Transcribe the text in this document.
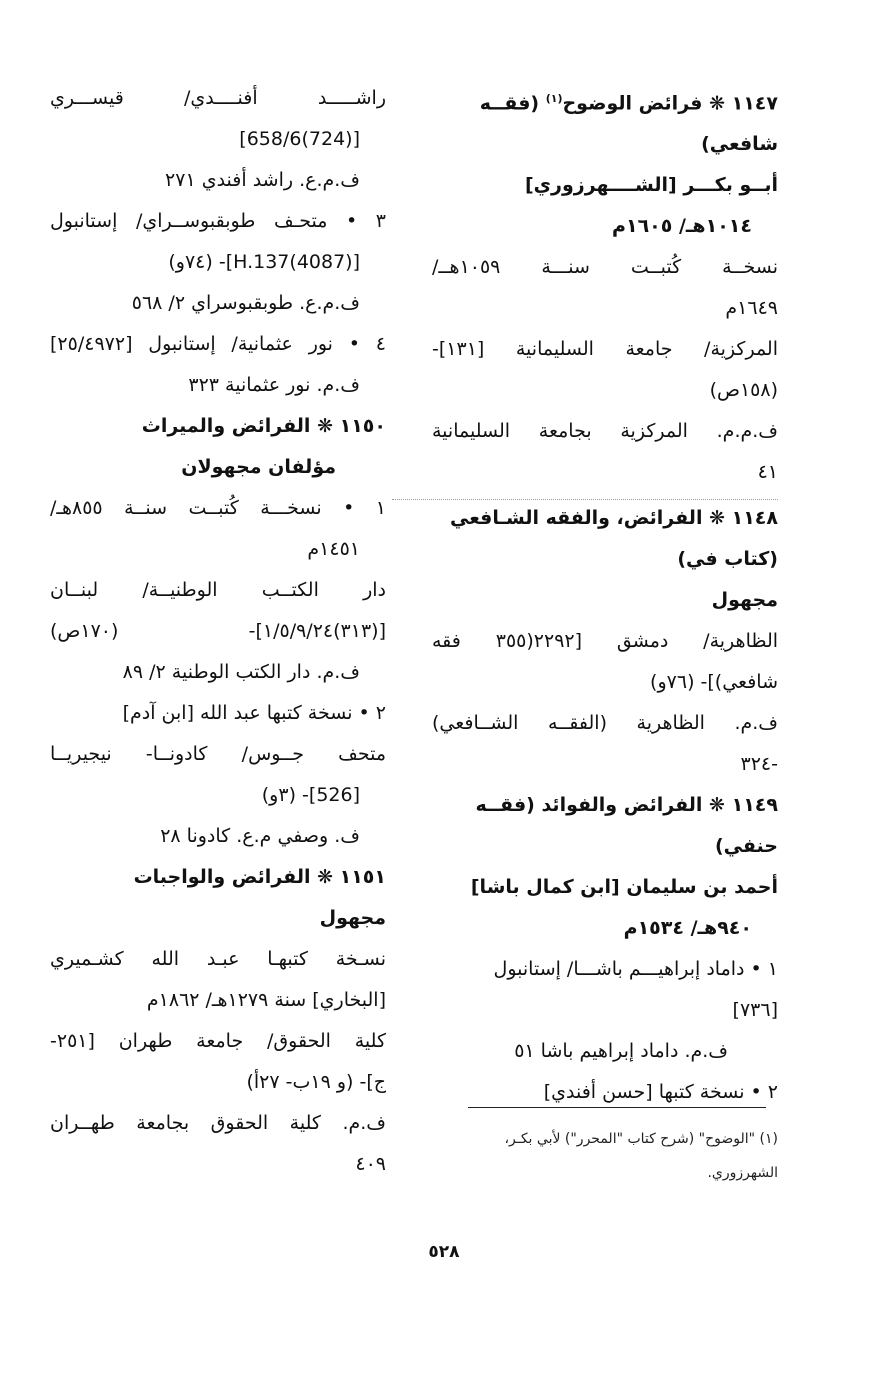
١١٤٧ ❋ فرائض الوضوح$^{(١)}$ (فقــه
شافعي)
أبــو بكـــر [الشــــهرزوري]
١٠١٤هـ/ ١٦٠٥م
نسخــة كُتبــت سنـــة ١٠٥٩هــ/
١٦٤٩م
المركزية/ جامعة السليمانية [١٣١]-
(١٥٨ص)
ف.م.م. المركزية بجامعة السليمانية
٤١
١١٤٨ ❋ الفرائض، والفقه الشـافعي
(كتاب في)
مجهول
الظاهرية/ دمشق [٢٢٩٢(٣٥٥ فقه
شافعي)]- (٧٦و)
ف.م. الظاهرية (الفقــه الشــافعي)
-٣٢٤
١١٤٩ ❋ الفرائض والفوائد (فقــه
حنفي)
أحمد بن سليمان [ابن كمال باشا]
٩٤٠هـ/ ١٥٣٤م
١ • داماد إبراهيـــم باشـــا/ إستانبول
[٧٣٦]
ف.م. داماد إبراهيم باشا ٥١
٢ • نسخة كتبها [حسن أفندي]
(١) "الوضوح" (شرح كتاب "المحرر") لأبي بكـر،
الشهرزوري.
راشـــــد أفنــــدي/ قيســـري
[(724)658/6]
ف.م.ع. راشد أفندي ٢٧١
٣ • متحـف طوبقبوســراي/ إستانبول
[(4087)H.137]- (٧٤و)
ف.م.ع. طوبقبوسراي ٢/ ٥٦٨
٤ • نور عثمانية/ إستانبول [٢٥/٤٩٧٢]
ف.م. نور عثمانية ٣٢٣
١١٥٠ ❋ الفرائض والميراث
مؤلفان مجهولان
١ • نسخـــة كُتبــت سنــة ٨٥٥هـ/
١٤٥١م
دار الكتــب الوطنيــة/ لبنــان
[(٣١٣)١/٥/٩/٢٤]- (١٧٠ص)
ف.م. دار الكتب الوطنية ٢/ ٨٩
٢ • نسخة كتبها عبد الله [ابن آدم]
متحف جــوس/ كادونــا- نيجيريــا
[526]- (٣و)
ف. وصفي م.ع. كادونا ٢٨
١١٥١ ❋ الفرائض والواجبات
مجهول
نسـخة كتبهـا عبـد الله كشـميري
[البخاري] سنة ١٢٧٩هـ/ ١٨٦٢م
كلية الحقوق/ جامعة طهران [٢٥١-
ج]- (و ١٩ب- ٢٧أ)
ف.م. كلية الحقوق بجامعة طهــران
٤٠٩
٥٢٨
